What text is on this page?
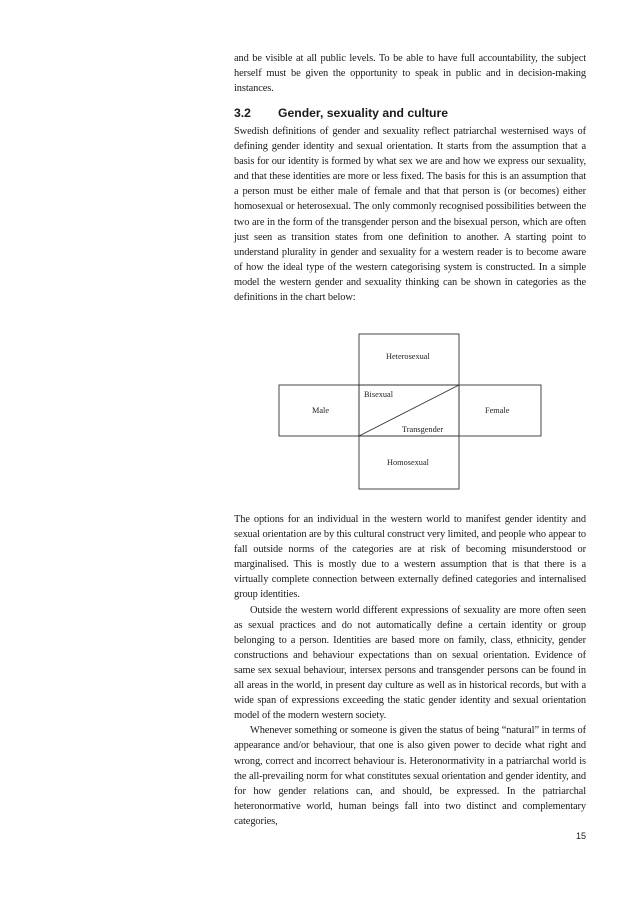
and be visible at all public levels. To be able to have full accountability, the subject herself must be given the opportunity to speak in public and in decision-making instances.

3.2 Gender, sexuality and culture

Swedish definitions of gender and sexuality reflect patriarchal westernised ways of defining gender identity and sexual orientation. It starts from the assumption that a basis for our identity is formed by what sex we are and how we express our sexuality, and that these identities are more or less fixed. The basis for this is an assumption that a person must be either male of female and that that person is (or becomes) either homosexual or heterosexual. The only commonly recognised possibilities between the two are in the form of the transgender person and the bisexual person, which are often just seen as transition states from one definition to another. A starting point to understand plurality in gender and sexuality for a western reader is to become aware of how the ideal type of the western categorising system is constructed. In a simple model the western gender and sexuality thinking can be shown in categories as the definitions in the chart below:

Heterosexual
Male	Female
Bisexual
Transgender
Homosexual

The options for an individual in the western world to manifest gender identity and sexual orientation are by this cultural construct very limited, and people who appear to fall outside norms of the categories are at risk of becoming misunderstood or marginalised. This is mostly due to a western assumption that is that there is a virtually complete connection between externally defined categories and internalised group identities.

Outside the western world different expressions of sexuality are more often seen as sexual practices and do not automatically define a certain identity or group belonging to a person. Identities are based more on family, class, ethnicity, gender constructions and behaviour expectations than on sexual orientation. Evidence of same sex sexual behaviour, intersex persons and transgender persons can be found in all areas in the world, in present day culture as well as in historical records, but with a wide span of expressions exceeding the static gender identity and sexual orientation model of the modern western society.

Whenever something or someone is given the status of being “natural” in terms of appearance and/or behaviour, that one is also given power to decide what right and wrong, correct and incorrect behaviour is. Heteronormativity in a patriarchal world is the all-prevailing norm for what constitutes sexual orientation and gender identity, and for how gender relations can, and should, be expressed. In the patriarchal heteronormative world, human beings fall into two distinct and complementary categories,

15
